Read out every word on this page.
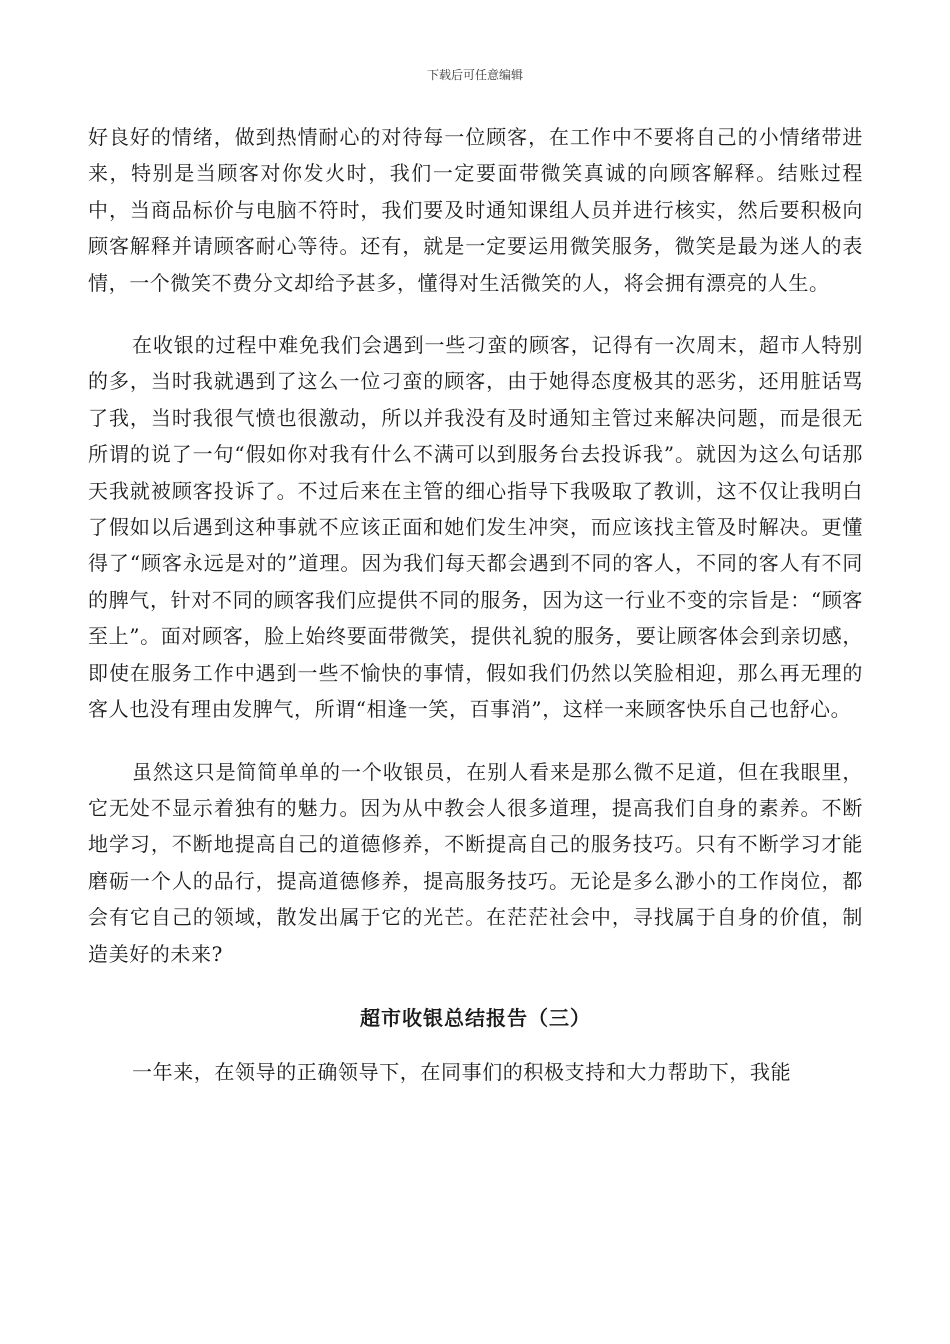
下载后可任意编辑

好良好的情绪，做到热情耐心的对待每一位顾客，在工作中不要将自己的小情绪带进来，特别是当顾客对你发火时，我们一定要面带微笑真诚的向顾客解释。结账过程中，当商品标价与电脑不符时，我们要及时通知课组人员并进行核实，然后要积极向顾客解释并请顾客耐心等待。还有，就是一定要运用微笑服务，微笑是最为迷人的表情，一个微笑不费分文却给予甚多，懂得对生活微笑的人，将会拥有漂亮的人生。

在收银的过程中难免我们会遇到一些刁蛮的顾客，记得有一次周末，超市人特别的多，当时我就遇到了这么一位刁蛮的顾客，由于她得态度极其的恶劣，还用脏话骂了我，当时我很气愤也很激动，所以并我没有及时通知主管过来解决问题，而是很无所谓的说了一句“假如你对我有什么不满可以到服务台去投诉我”。就因为这么句话那天我就被顾客投诉了。不过后来在主管的细心指导下我吸取了教训，这不仅让我明白了假如以后遇到这种事就不应该正面和她们发生冲突，而应该找主管及时解决。更懂得了“顾客永远是对的”道理。因为我们每天都会遇到不同的客人，不同的客人有不同的脾气，针对不同的顾客我们应提供不同的服务，因为这一行业不变的宗旨是：“顾客至上”。面对顾客，脸上始终要面带微笑，提供礼貌的服务，要让顾客体会到亲切感，即使在服务工作中遇到一些不愉快的事情，假如我们仍然以笑脸相迎，那么再无理的客人也没有理由发脾气，所谓“相逢一笑，百事消”，这样一来顾客快乐自己也舒心。

虽然这只是简简单单的一个收银员，在别人看来是那么微不足道，但在我眼里，它无处不显示着独有的魅力。因为从中教会人很多道理，提高我们自身的素养。不断地学习，不断地提高自己的道德修养，不断提高自己的服务技巧。只有不断学习才能磨砺一个人的品行，提高道德修养，提高服务技巧。无论是多么渺小的工作岗位，都会有它自己的领域，散发出属于它的光芒。在茫茫社会中，寻找属于自身的价值，制造美好的未来?

超市收银总结报告（三）

一年来，在领导的正确领导下，在同事们的积极支持和大力帮助下，我能
